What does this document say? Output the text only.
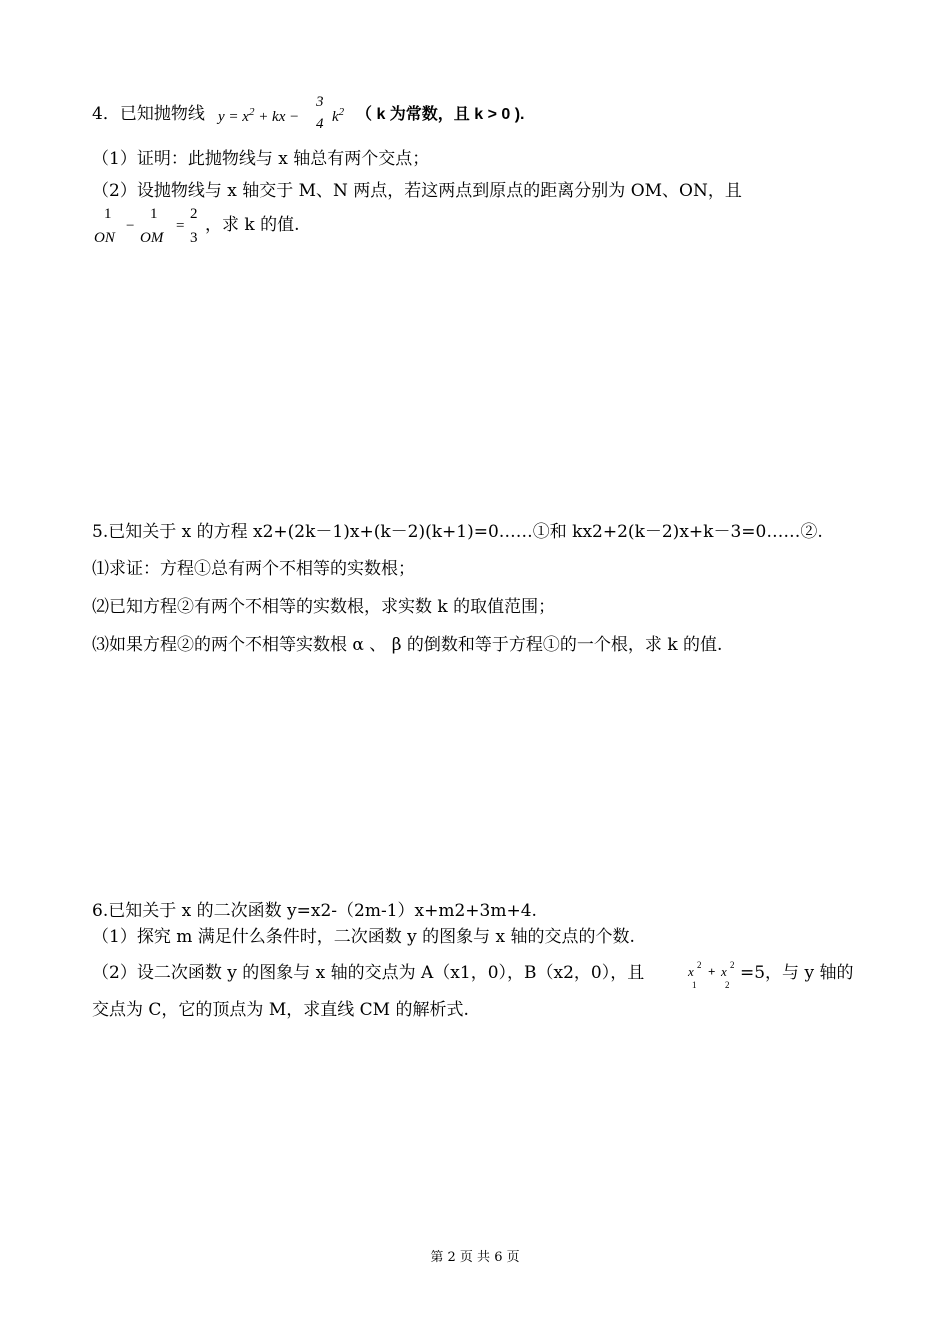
4．已知抛物线 $y = x^2$ + kx −
3
4 $k^2$ （ k 为常数，且 k > 0 ).
（1）证明：此抛物线与 x 轴总有两个交点；
（2）设抛物线与 x 轴交于 M、N 两点，若这两点到原点的距离分别为 OM、ON，且
1
ON
−
1
OM
=
2
3
，求 k 的值.
5.已知关于 x 的方程 x2+(2k－1)x+(k－2)(k+1)=0……①和 kx2+2(k－2)x+k－3=0……②.
⑴求证：方程①总有两个不相等的实数根；
⑵已知方程②有两个不相等的实数根，求实数 k 的取值范围；
⑶如果方程②的两个不相等实数根 α 、 β 的倒数和等于方程①的一个根，求 k 的值.
6.已知关于 x 的二次函数 y=x2-（2m-1）x+m2+3m+4.
（1）探究 m 满足什么条件时，二次函数 y 的图象与 x 轴的交点的个数.
（2）设二次函数 y 的图象与 x 轴的交点为 A（x1，0），B（x2，0），且	x 2
1
+ x 2
2
=5，与 y 轴的
交点为 C，它的顶点为 M，求直线 CM 的解析式.
第 2 页 共 6 页
